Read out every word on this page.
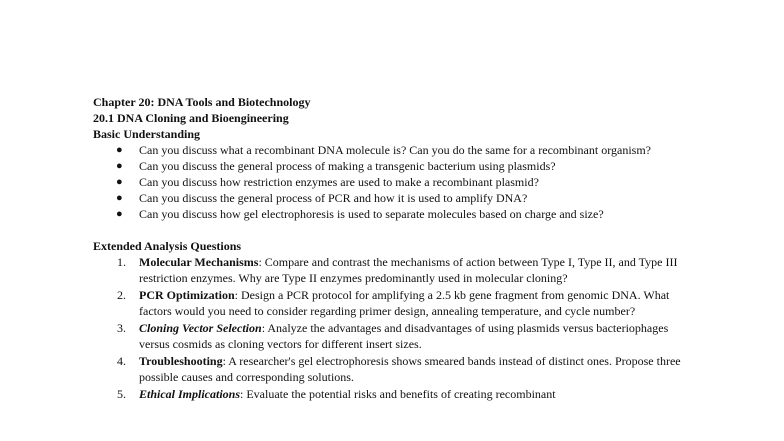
Chapter 20: DNA Tools and Biotechnology
20.1 DNA Cloning and Bioengineering
Basic Understanding
● Can you discuss what a recombinant DNA molecule is? Can you do the same for a recombinant organism?
● Can you discuss the general process of making a transgenic bacterium using plasmids?
● Can you discuss how restriction enzymes are used to make a recombinant plasmid?
● Can you discuss the general process of PCR and how it is used to amplify DNA?
● Can you discuss how gel electrophoresis is used to separate molecules based on charge and size?
Extended Analysis Questions
1. Molecular Mechanisms: Compare and contrast the mechanisms of action between Type I, Type II, and Type III restriction enzymes. Why are Type II enzymes predominantly used in molecular cloning?
2. PCR Optimization: Design a PCR protocol for amplifying a 2.5 kb gene fragment from genomic DNA. What factors would you need to consider regarding primer design, annealing temperature, and cycle number?
3. Cloning Vector Selection: Analyze the advantages and disadvantages of using plasmids versus bacteriophages versus cosmids as cloning vectors for different insert sizes.
4. Troubleshooting: A researcher's gel electrophoresis shows smeared bands instead of distinct ones. Propose three possible causes and corresponding solutions.
5. Ethical Implications: Evaluate the potential risks and benefits of creating recombinant
